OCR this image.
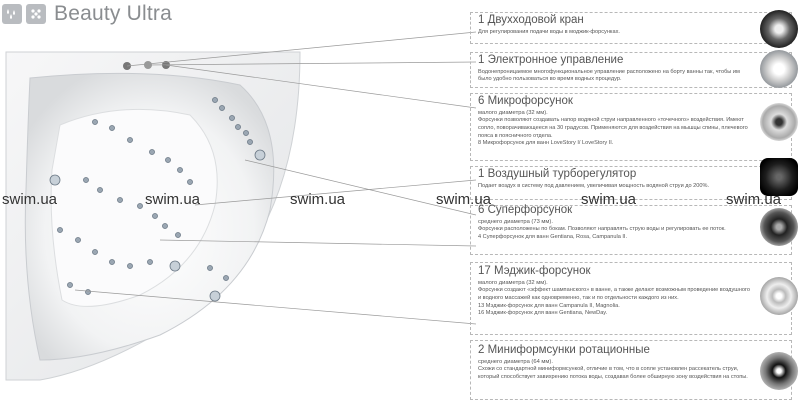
Beauty Ultra	1 Двухходовой кран

Для регулирования подачи воды в моджик-форсунках.

1 Электронное управление

Водонепроницаемое многофункциональное управление расположено на борту ванны так, чтобы им было удобно пользоваться во время водных процедур.

6 Микрофорсунок

малого диаметра (32 мм).

Форсунки позволяют создавать напор водяной струи направленного «точечного» воздействия. Имеют сопло, поворачивающееся на 30 градусов. Применяются для воздействия на мышцы спины, плечевого пояса в поясничного отдела.

8 Микрофорсунок для ванн LoveStory I/ LoveStory II.

1 Воздушный турборегулятор

Подает воздух в систему под давлением, увеличивая мощность водяной струи до 200%.

6 Суперфорсунок

среднего диаметра (73 мм).

Форсунки расположены по бокам. Позволяют направлять струю воды и регулировать ее поток.

4 Суперфорсунок для ванн Gentiana, Rosa, Campanula II.

17 Мэджик-форсунок

малого диаметра (32 мм).

Форсунки создают «эффект шампанского» в ванне, а также делают возможным проведение воздушного и водного массажей как одновременно, так и по отдельности каждого из них.

13 Мэджик-форсунок для ванн Campanula II, Magnolia.

16 Мэджик-форсунок для ванн Gentiana, NewDay.

2 Миниформсунки ротационные

среднего диаметра (64 мм).

Схожи со стандартной миниформсункой, отличие в том, что в сопле установлен рассекатель струи, который способствует завихрению потока воды, создавая более обширную зону воздействия на стопы.

swim.ua	swim.ua	swim.ua	swim.ua	swim.ua	swim.ua
